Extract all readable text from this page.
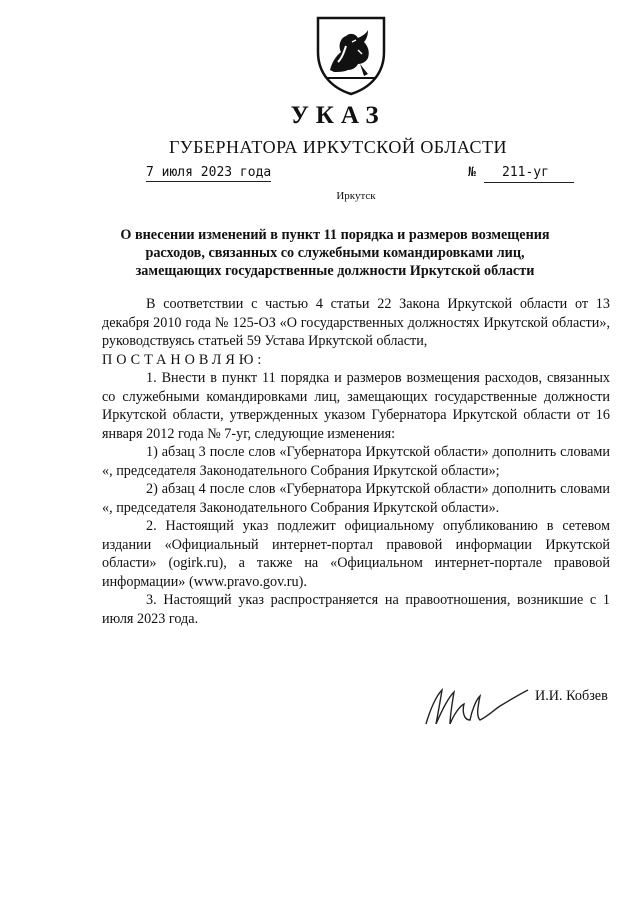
УКАЗ
ГУБЕРНАТОРА ИРКУТСКОЙ ОБЛАСТИ
7 июля 2023 года	№ 211-уг
Иркутск
О внесении изменений в пункт 11 порядка и размеров возмещения
расходов, связанных со служебными командировками лиц,
замещающих государственные должности Иркутской области

В соответствии с частью 4 статьи 22 Закона Иркутской области от 13 декабря 2010 года № 125-ОЗ «О государственных должностях Иркутской области», руководствуясь статьей 59 Устава Иркутской области,

ПОСТАНОВЛЯЮ:

1. Внести в пункт 11 порядка и размеров возмещения расходов, связанных со служебными командировками лиц, замещающих государственные должности Иркутской области, утвержденных указом Губернатора Иркутской области от 16 января 2012 года № 7-уг, следующие изменения:

1) абзац 3 после слов «Губернатора Иркутской области» дополнить словами «, председателя Законодательного Собрания Иркутской области»;

2) абзац 4 после слов «Губернатора Иркутской области» дополнить словами «, председателя Законодательного Собрания Иркутской области».

2. Настоящий указ подлежит официальному опубликованию в сетевом издании «Официальный интернет-портал правовой информации Иркутской области» (ogirk.ru), а также на «Официальном интернет-портале правовой информации» (www.pravo.gov.ru).

3. Настоящий указ распространяется на правоотношения, возникшие с 1 июля 2023 года.

И.И. Кобзев
